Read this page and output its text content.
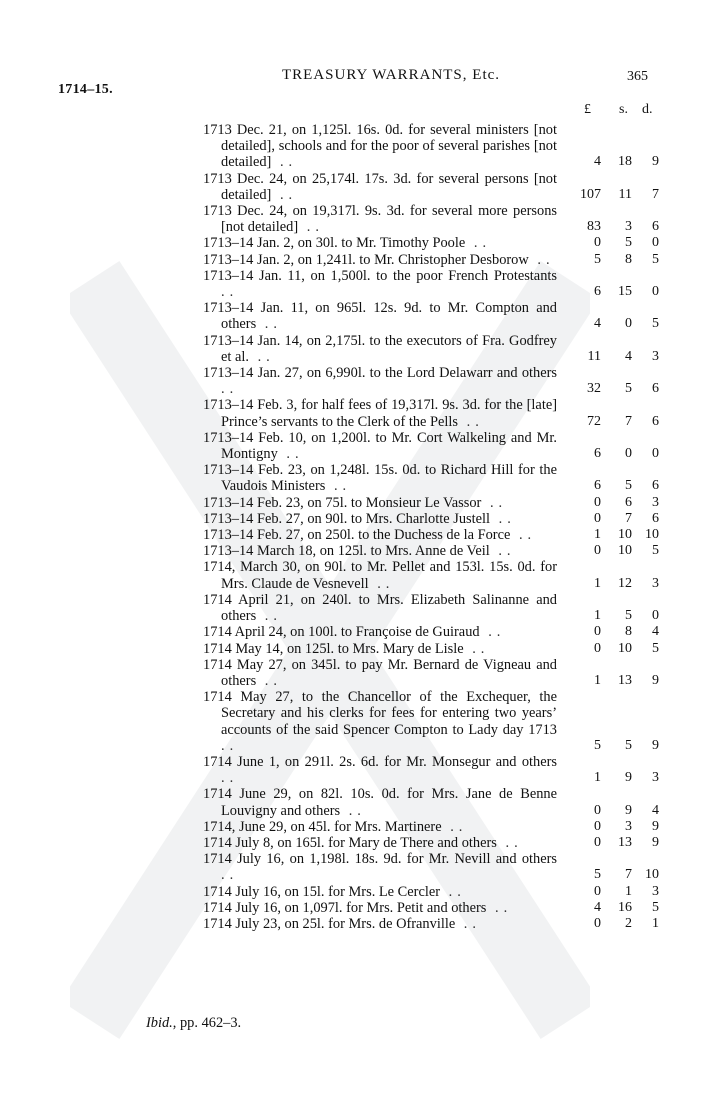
1714–15.
TREASURY WARRANTS, Etc.	365
£ s. d.
1713 Dec. 21, on 1,125l. 16s. 0d. for several ministers [not detailed], schools and for the poor of several parishes [not detailed] ..	4	18	9
1713 Dec. 24, on 25,174l. 17s. 3d. for several persons [not detailed] ..	107	11	7
1713 Dec. 24, on 19,317l. 9s. 3d. for several more persons [not detailed] ..	83	3	6
1713–14 Jan. 2, on 30l. to Mr. Timothy Poole ..	0	5	0
1713–14 Jan. 2, on 1,241l. to Mr. Christopher Desborow ..	5	8	5
1713–14 Jan. 11, on 1,500l. to the poor French Protestants ..	6	15	0
1713–14 Jan. 11, on 965l. 12s. 9d. to Mr. Compton and others ..	4	0	5
1713–14 Jan. 14, on 2,175l. to the executors of Fra. Godfrey et al. ..	11	4	3
1713–14 Jan. 27, on 6,990l. to the Lord Delawarr and others ..	32	5	6
1713–14 Feb. 3, for half fees of 19,317l. 9s. 3d. for the [late] Prince’s servants to the Clerk of the Pells ..	72	7	6
1713–14 Feb. 10, on 1,200l. to Mr. Cort Walkeling and Mr. Montigny ..	6	0	0
1713–14 Feb. 23, on 1,248l. 15s. 0d. to Richard Hill for the Vaudois Ministers ..	6	5	6
1713–14 Feb. 23, on 75l. to Monsieur Le Vassor ..	0	6	3
1713–14 Feb. 27, on 90l. to Mrs. Charlotte Justell ..	0	7	6
1713–14 Feb. 27, on 250l. to the Duchess de la Force ..	1	10 10
1713–14 March 18, on 125l. to Mrs. Anne de Veil ..	0	10	5
1714, March 30, on 90l. to Mr. Pellet and 153l. 15s. 0d. for Mrs. Claude de Vesnevell ..	1	12	3
1714 April 21, on 240l. to Mrs. Elizabeth Salinanne and others ..	1	5	0
1714 April 24, on 100l. to Françoise de Guiraud ..	0	8	4
1714 May 14, on 125l. to Mrs. Mary de Lisle ..	0	10	5
1714 May 27, on 345l. to pay Mr. Bernard de Vigneau and others ..	1	13	9
1714 May 27, to the Chancellor of the Exchequer, the Secretary and his clerks for fees for entering two years’ accounts of the said Spencer Compton to Lady day 1713 ..	5	5	9
1714 June 1, on 291l. 2s. 6d. for Mr. Monsegur and others ..	1	9	3
1714 June 29, on 82l. 10s. 0d. for Mrs. Jane de Benne Louvigny and others ..	0	9	4
1714, June 29, on 45l. for Mrs. Martinere ..	0	3	9
1714 July 8, on 165l. for Mary de There and others ..	0	13	9
1714 July 16, on 1,198l. 18s. 9d. for Mr. Nevill and others ..	5	7 10
1714 July 16, on 15l. for Mrs. Le Cercler ..	0	1	3
1714 July 16, on 1,097l. for Mrs. Petit and others ..	4	16	5
1714 July 23, on 25l. for Mrs. de Ofranville ..	0	2	1
Ibid., pp. 462–3.
